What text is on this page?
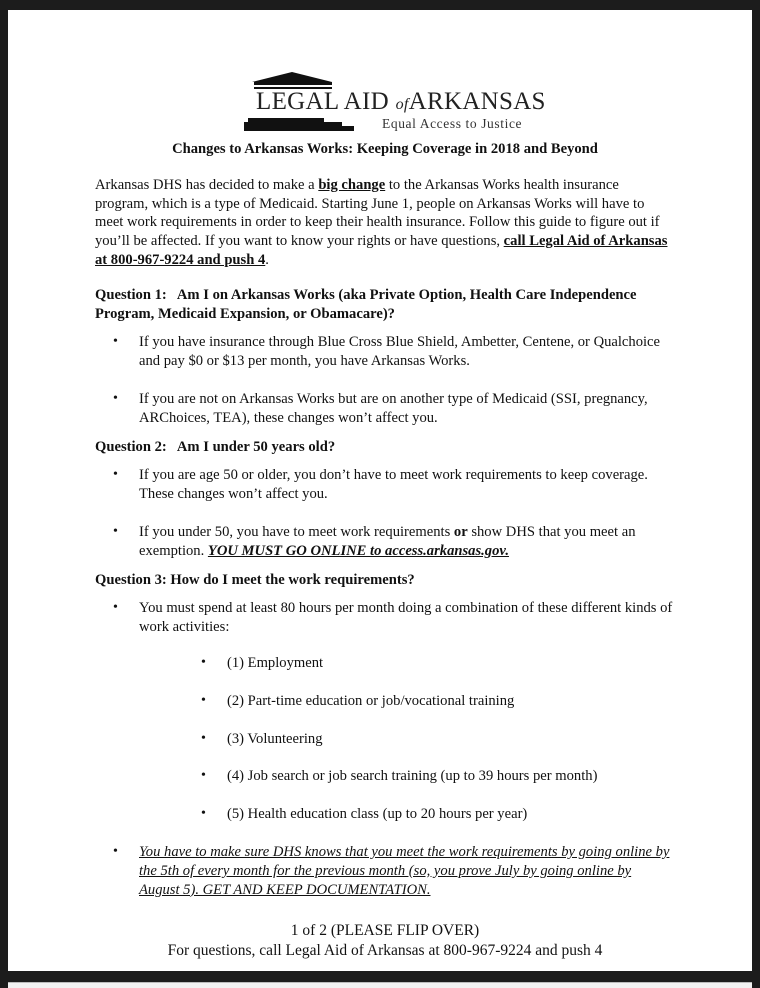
LEGAL AID ofARKANSAS
Equal Access to Justice

Changes to Arkansas Works: Keeping Coverage in 2018 and Beyond

Arkansas DHS has decided to make a big change to the Arkansas Works health insurance program, which is a type of Medicaid. Starting June 1, people on Arkansas Works will have to meet work requirements in order to keep their health insurance. Follow this guide to figure out if you’ll be affected. If you want to know your rights or have questions, call Legal Aid of Arkansas at 800-967-9224 and push 4.

Question 1:   Am I on Arkansas Works (aka Private Option, Health Care Independence Program, Medicaid Expansion, or Obamacare)?

• If you have insurance through Blue Cross Blue Shield, Ambetter, Centene, or Qualchoice and pay $0 or $13 per month, you have Arkansas Works.
• If you are not on Arkansas Works but are on another type of Medicaid (SSI, pregnancy, ARChoices, TEA), these changes won’t affect you.

Question 2:   Am I under 50 years old?

• If you are age 50 or older, you don’t have to meet work requirements to keep coverage. These changes won’t affect you.
• If you under 50, you have to meet work requirements or show DHS that you meet an exemption. YOU MUST GO ONLINE to access.arkansas.gov.

Question 3: How do I meet the work requirements?

• You must spend at least 80 hours per month doing a combination of these different kinds of work activities:
• (1) Employment
• (2) Part-time education or job/vocational training
• (3) Volunteering
• (4) Job search or job search training (up to 39 hours per month)
• (5) Health education class (up to 20 hours per year)
• You have to make sure DHS knows that you meet the work requirements by going online by the 5th of every month for the previous month (so, you prove July by going online by August 5). GET AND KEEP DOCUMENTATION.
1 of 2 (PLEASE FLIP OVER)
For questions, call Legal Aid of Arkansas at 800-967-9224 and push 4
